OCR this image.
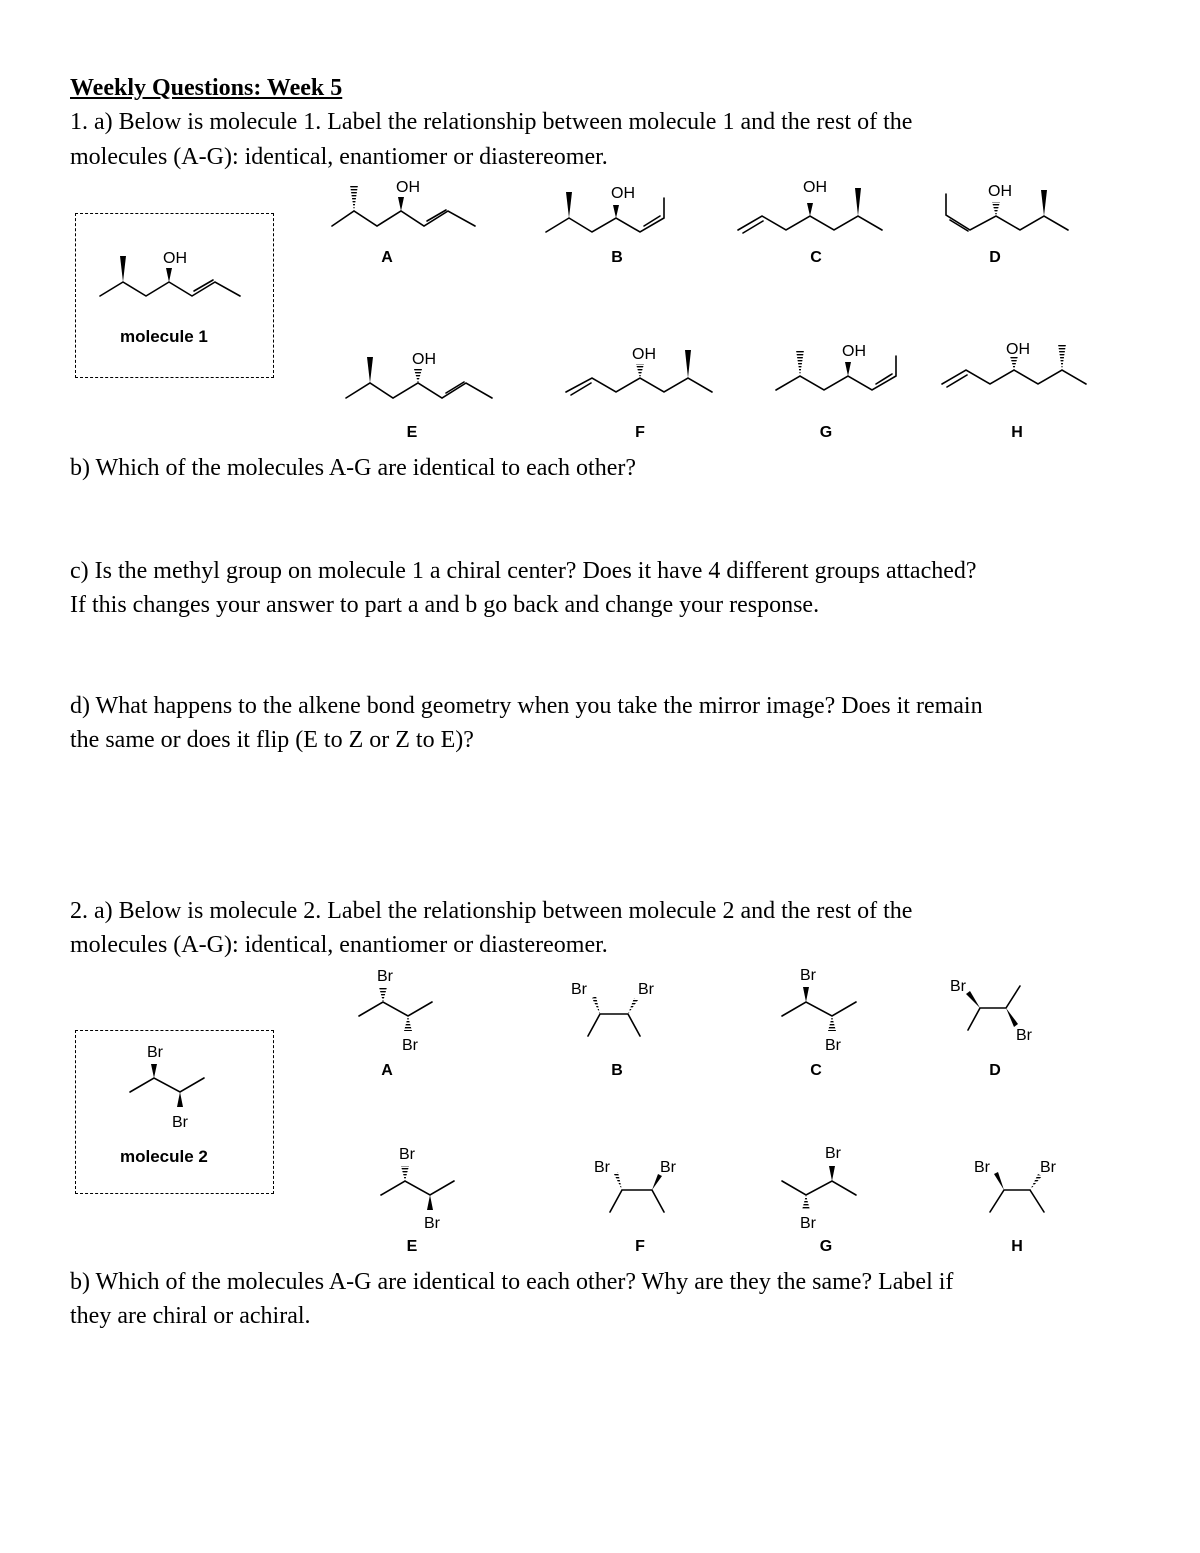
Weekly Questions: Week 5

1. a) Below is molecule 1. Label the relationship between molecule 1 and the rest of the

molecules (A-G): identical, enantiomer or diastereomer.

b) Which of the molecules A-G are identical to each other?

c) Is the methyl group on molecule 1 a chiral center? Does it have 4 different groups attached?

If this changes your answer to part a and b go back and change your response.

d) What happens to the alkene bond geometry when you take the mirror image? Does it remain

the same or does it flip (E to Z or Z to E)?

2. a) Below is molecule 2. Label the relationship between molecule 2 and the rest of the

molecules (A-G): identical, enantiomer or diastereomer.

b) Which of the molecules A-G are identical to each other? Why are they the same? Label if

they are chiral or achiral.

molecule 1
OH
OH	OH	OH	OH
OH	OH	OH	OH
A	B	C	D
E	F	G	H
molecule 2
Br
Br
Br
Br
Br	Br
Br
Br
Br
Br
Br
Br
Br	Br
Br
Br
Br	Br
A	B	C	D
E	F	G	H
